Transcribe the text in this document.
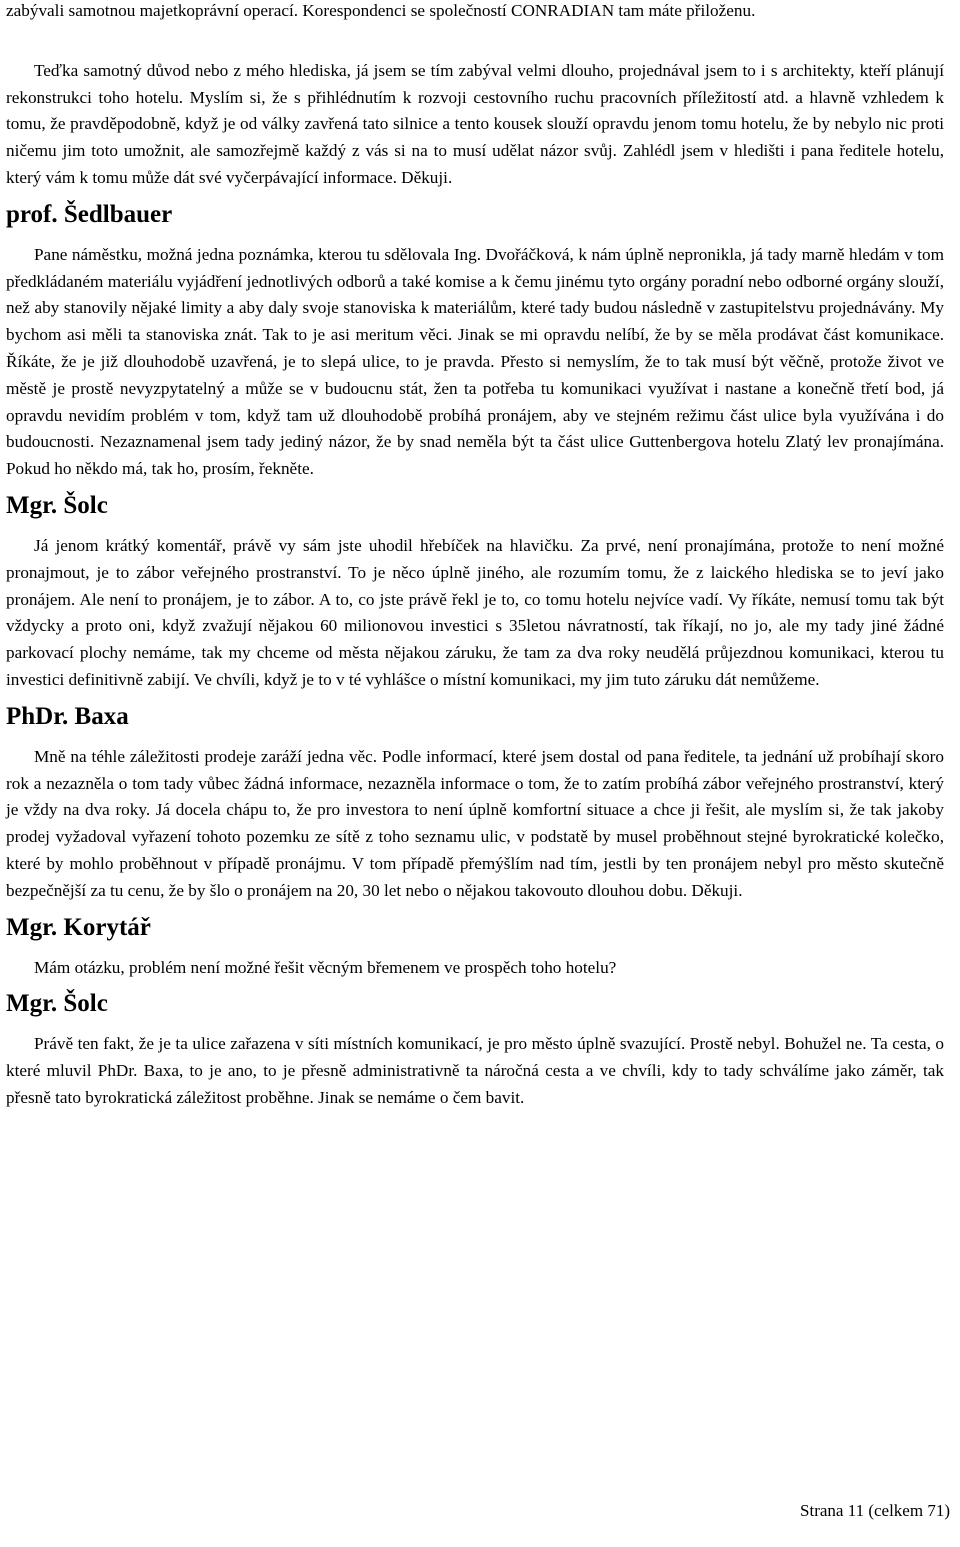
zabývali samotnou majetkoprávní operací. Korespondenci se společností CONRADIAN tam máte přiloženu.

Teďka samotný důvod nebo z mého hlediska, já jsem se tím zabýval velmi dlouho, projednával jsem to i s architekty, kteří plánují rekonstrukci toho hotelu. Myslím si, že s přihlédnutím k rozvoji cestovního ruchu pracovních příležitostí atd. a hlavně vzhledem k tomu, že pravděpodobně, když je od války zavřená tato silnice a tento kousek slouží opravdu jenom tomu hotelu, že by nebylo nic proti ničemu jim toto umožnit, ale samozřejmě každý z vás si na to musí udělat názor svůj. Zahlédl jsem v hledišti i pana ředitele hotelu, který vám k tomu může dát své vyčerpávající informace. Děkuji.

prof. Šedlbauer

Pane náměstku, možná jedna poznámka, kterou tu sdělovala Ing. Dvořáčková, k nám úplně nepronikla, já tady marně hledám v tom předkládaném materiálu vyjádření jednotlivých odborů a také komise a k čemu jinému tyto orgány poradní nebo odborné orgány slouží, než aby stanovily nějaké limity a aby daly svoje stanoviska k materiálům, které tady budou následně v zastupitelstvu projednávány. My bychom asi měli ta stanoviska znát. Tak to je asi meritum věci. Jinak se mi opravdu nelíbí, že by se měla prodávat část komunikace. Říkáte, že je již dlouhodobě uzavřená, je to slepá ulice, to je pravda. Přesto si nemyslím, že to tak musí být věčně, protože život ve městě je prostě nevyzpytatelný a může se v budoucnu stát, žen ta potřeba tu komunikaci využívat i nastane a konečně třetí bod, já opravdu nevidím problém v tom, když tam už dlouhodobě probíhá pronájem, aby ve stejném režimu část ulice byla využívána i do budoucnosti. Nezaznamenal jsem tady jediný názor, že by snad neměla být ta část ulice Guttenbergova hotelu Zlatý lev pronajímána. Pokud ho někdo má, tak ho, prosím, řekněte.

Mgr. Šolc

Já jenom krátký komentář, právě vy sám jste uhodil hřebíček na hlavičku. Za prvé, není pronajímána, protože to není možné pronajmout, je to zábor veřejného prostranství. To je něco úplně jiného, ale rozumím tomu, že z laického hlediska se to jeví jako pronájem. Ale není to pronájem, je to zábor. A to, co jste právě řekl je to, co tomu hotelu nejvíce vadí. Vy říkáte, nemusí tomu tak být vždycky a proto oni, když zvažují nějakou 60 milionovou investici s 35letou návratností, tak říkají, no jo, ale my tady jiné žádné parkovací plochy nemáme, tak my chceme od města nějakou záruku, že tam za dva roky neudělá průjezdnou komunikaci, kterou tu investici definitivně zabijí. Ve chvíli, když je to v té vyhlášce o místní komunikaci, my jim tuto záruku dát nemůžeme.

PhDr. Baxa

Mně na téhle záležitosti prodeje zaráží jedna věc. Podle informací, které jsem dostal od pana ředitele, ta jednání už probíhají skoro rok a nezazněla o tom tady vůbec žádná informace, nezazněla informace o tom, že to zatím probíhá zábor veřejného prostranství, který je vždy na dva roky. Já docela chápu to, že pro investora to není úplně komfortní situace a chce ji řešit, ale myslím si, že tak jakoby prodej vyžadoval vyřazení tohoto pozemku ze sítě z toho seznamu ulic, v podstatě by musel proběhnout stejné byrokratické kolečko, které by mohlo proběhnout v případě pronájmu. V tom případě přemýšlím nad tím, jestli by ten pronájem nebyl pro město skutečně bezpečnější za tu cenu, že by šlo o pronájem na 20, 30 let nebo o nějakou takovouto dlouhou dobu. Děkuji.

Mgr. Korytář

Mám otázku, problém není možné řešit věcným břemenem ve prospěch toho hotelu?

Mgr. Šolc

Právě ten fakt, že je ta ulice zařazena v síti místních komunikací, je pro město úplně svazující. Prostě nebyl. Bohužel ne. Ta cesta, o které mluvil PhDr. Baxa, to je ano, to je přesně administrativně ta náročná cesta a ve chvíli, kdy to tady schválíme jako záměr, tak přesně tato byrokratická záležitost proběhne. Jinak se nemáme o čem bavit.

Strana 11 (celkem 71)
